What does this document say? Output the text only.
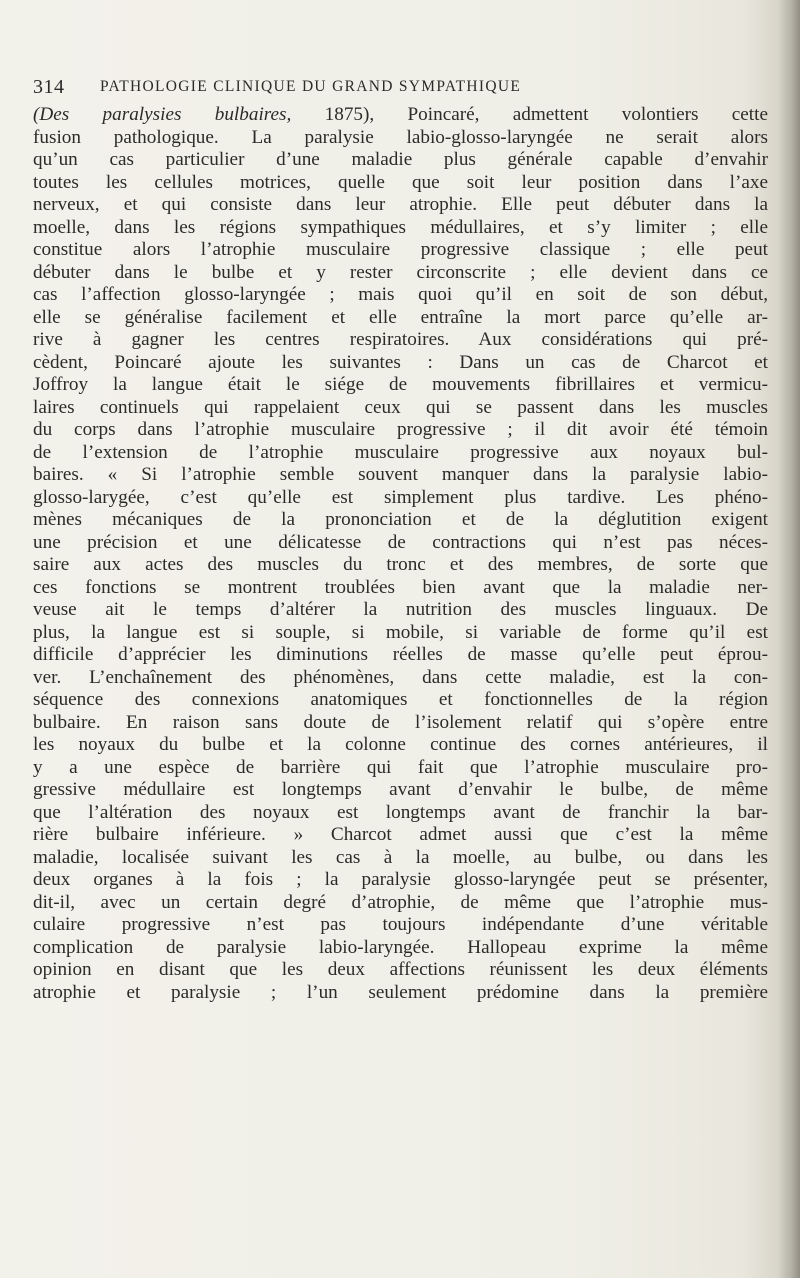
314 PATHOLOGIE CLINIQUE DU GRAND SYMPATHIQUE
(Des paralysies bulbaires, 1875), Poincaré, admettent volontiers cette
fusion pathologique. La paralysie labio-glosso-laryngée ne serait alors
qu’un cas particulier d’une maladie plus générale capable d’envahir
toutes les cellules motrices, quelle que soit leur position dans l’axe
nerveux, et qui consiste dans leur atrophie. Elle peut débuter dans la
moelle, dans les régions sympathiques médullaires, et s’y limiter ; elle
constitue alors l’atrophie musculaire progressive classique ; elle peut
débuter dans le bulbe et y rester circonscrite ; elle devient dans ce
cas l’affection glosso-laryngée ; mais quoi qu’il en soit de son début,
elle se généralise facilement et elle entraîne la mort parce qu’elle ar-
rive à gagner les centres respiratoires. Aux considérations qui pré-
cèdent, Poincaré ajoute les suivantes : Dans un cas de Charcot et
Joffroy la langue était le siége de mouvements fibrillaires et vermicu-
laires continuels qui rappelaient ceux qui se passent dans les muscles
du corps dans l’atrophie musculaire progressive ; il dit avoir été témoin
de l’extension de l’atrophie musculaire progressive aux noyaux bul-
baires. « Si l’atrophie semble souvent manquer dans la paralysie labio-
glosso-larygée, c’est qu’elle est simplement plus tardive. Les phéno-
mènes mécaniques de la prononciation et de la déglutition exigent
une précision et une délicatesse de contractions qui n’est pas néces-
saire aux actes des muscles du tronc et des membres, de sorte que
ces fonctions se montrent troublées bien avant que la maladie ner-
veuse ait le temps d’altérer la nutrition des muscles linguaux. De
plus, la langue est si souple, si mobile, si variable de forme qu’il est
difficile d’apprécier les diminutions réelles de masse qu’elle peut éprou-
ver. L’enchaînement des phénomènes, dans cette maladie, est la con-
séquence des connexions anatomiques et fonctionnelles de la région
bulbaire. En raison sans doute de l’isolement relatif qui s’opère entre
les noyaux du bulbe et la colonne continue des cornes antérieures, il
y a une espèce de barrière qui fait que l’atrophie musculaire pro-
gressive médullaire est longtemps avant d’envahir le bulbe, de même
que l’altération des noyaux est longtemps avant de franchir la bar-
rière bulbaire inférieure. » Charcot admet aussi que c’est la même
maladie, localisée suivant les cas à la moelle, au bulbe, ou dans les
deux organes à la fois ; la paralysie glosso-laryngée peut se présenter,
dit-il, avec un certain degré d’atrophie, de même que l’atrophie mus-
culaire progressive n’est pas toujours indépendante d’une véritable
complication de paralysie labio-laryngée. Hallopeau exprime la même
opinion en disant que les deux affections réunissent les deux éléments
atrophie et paralysie ; l’un seulement prédomine dans la première
